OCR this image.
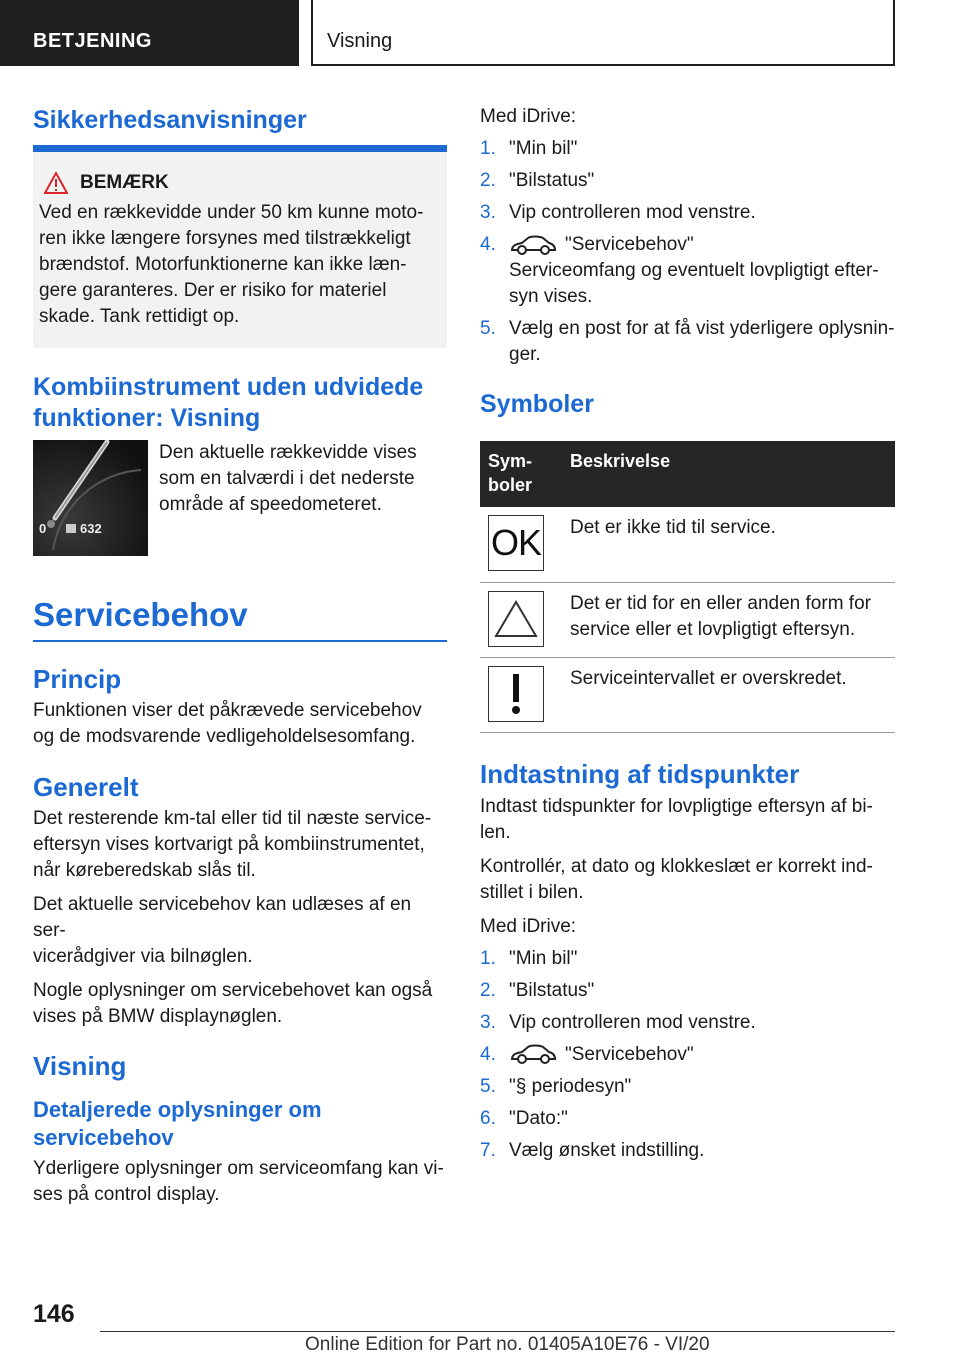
BETJENING	Visning
Sikkerhedsanvisninger
BEMÆRK
Ved en rækkevidde under 50 km kunne moto-
ren ikke længere forsynes med tilstrækkeligt
brændstof. Motorfunktionerne kan ikke læn-
gere garanteres. Der er risiko for materiel
skade. Tank rettidigt op.
Kombiinstrument uden udvidede
funktioner: Visning
0	632
Den aktuelle rækkevidde vises
som en talværdi i det nederste
område af speedometeret.
Servicebehov
Princip
Funktionen viser det påkrævede servicebehov
og de modsvarende vedligeholdelsesomfang.
Generelt
Det resterende km-tal eller tid til næste service-
eftersyn vises kortvarigt på kombiinstrumentet,
når køreberedskab slås til.
Det aktuelle servicebehov kan udlæses af en ser-
vicerådgiver via bilnøglen.
Nogle oplysninger om servicebehovet kan også
vises på BMW displaynøglen.
Visning
Detaljerede oplysninger om
servicebehov
Yderligere oplysninger om serviceomfang kan vi-
ses på control display.
Med iDrive:
1. "Min bil"
2. "Bilstatus"
3. Vip controlleren mod venstre.
4.	"Servicebehov"
Serviceomfang og eventuelt lovpligtigt efter-
syn vises.
5. Vælg en post for at få vist yderligere oplysnin-
ger.
Symboler
Sym-
boler	Beskrivelse

OK	Det er ikke tid til service.

Det er tid for en eller anden form for
service eller et lovpligtigt eftersyn.

Serviceintervallet er overskredet.
Indtastning af tidspunkter
Indtast tidspunkter for lovpligtige eftersyn af bi-
len.
Kontrollér, at dato og klokkeslæt er korrekt ind-
stillet i bilen.
Med iDrive:
1. "Min bil"
2. "Bilstatus"
3. Vip controlleren mod venstre.
4.	"Servicebehov"
5. "§ periodesyn"
6. "Dato:"
7. Vælg ønsket indstilling.
146
Online Edition for Part no. 01405A10E76 - VI/20
